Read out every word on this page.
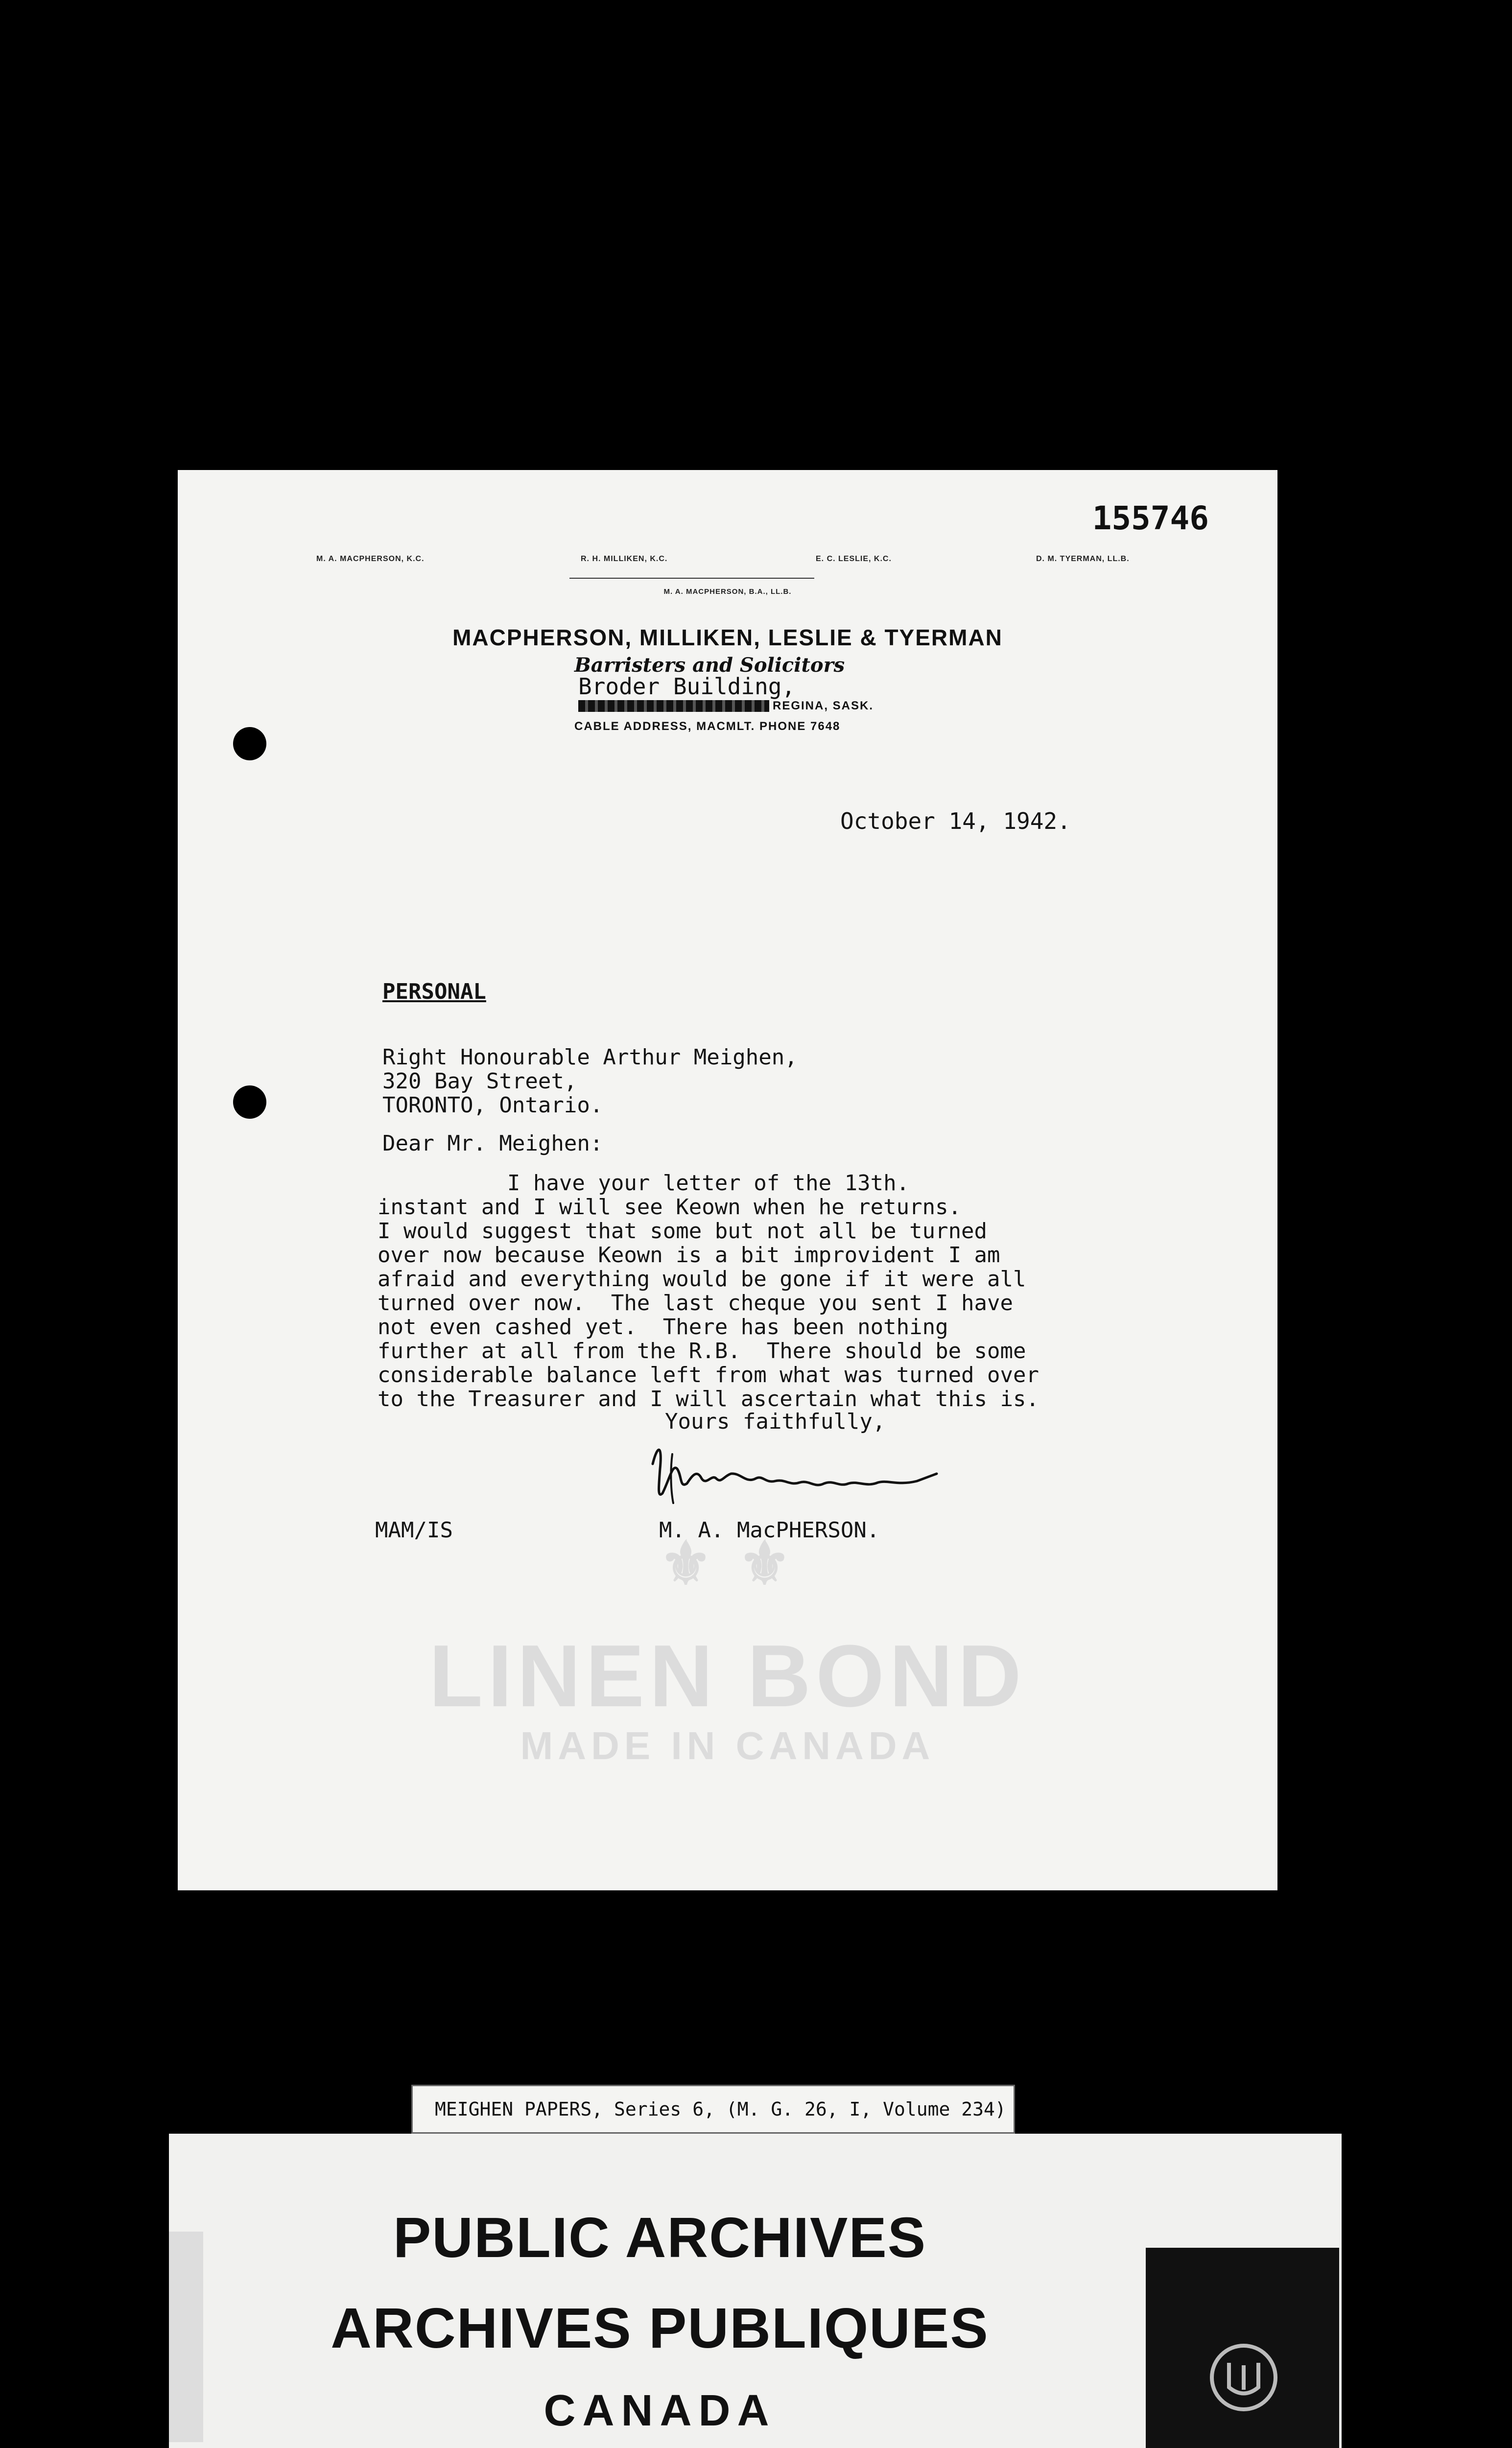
155746
M. A. MACPHERSON, K.C.	R. H. MILLIKEN, K.C.	E. C. LESLIE, K.C.	D. M. TYERMAN, LL.B.
M. A. MACPHERSON, B.A., LL.B.
MACPHERSON, MILLIKEN, LESLIE & TYERMAN
Barristers and Solicitors
Broder Building,
REGINA, SASK.
CABLE ADDRESS, MACMLT. PHONE 7648
⚜ ⚜
LINEN BOND
MADE IN CANADA
October 14, 1942.
PERSONAL
Right Honourable Arthur Meighen,
320 Bay Street,
TORONTO, Ontario.
Dear Mr. Meighen:
I have your letter of the 13th.
instant and I will see Keown when he returns.
I would suggest that some but not all be turned
over now because Keown is a bit improvident I am
afraid and everything would be gone if it were all
turned over now.  The last cheque you sent I have
not even cashed yet.  There has been nothing
further at all from the R.B.  There should be some
considerable balance left from what was turned over
to the Treasurer and I will ascertain what this is.
Yours faithfully,
MAM/IS	M. A. MacPHERSON.
MEIGHEN PAPERS, Series 6, (M. G. 26, I, Volume 234)
PUBLIC ARCHIVES
ARCHIVES PUBLIQUES
CANADA
